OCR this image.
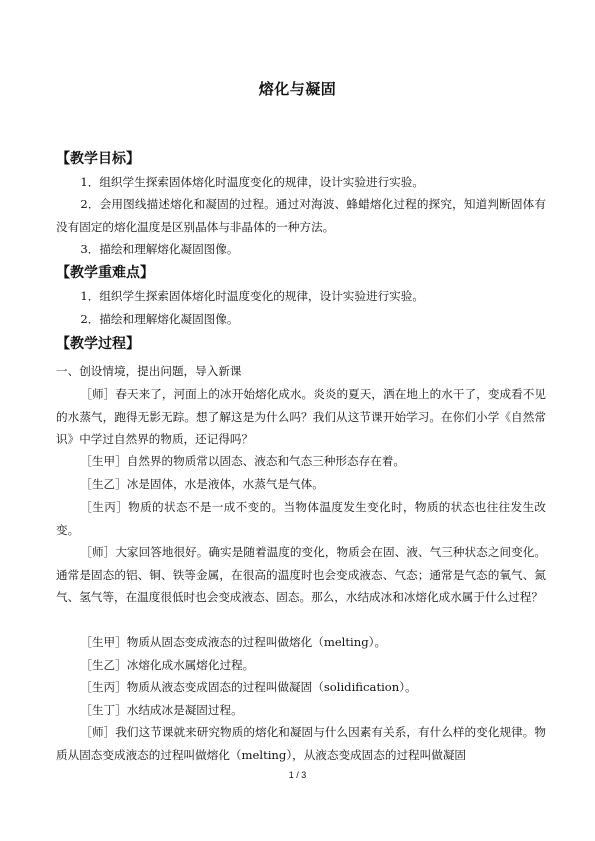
熔化与凝固
【教学目标】

1．组织学生探索固体熔化时温度变化的规律，设计实验进行实验。

2．会用图线描述熔化和凝固的过程。通过对海波、蜂蜡熔化过程的探究，知道判断固体有没有固定的熔化温度是区别晶体与非晶体的一种方法。

3．描绘和理解熔化凝固图像。

【教学重难点】

1．组织学生探索固体熔化时温度变化的规律，设计实验进行实验。

2．描绘和理解熔化凝固图像。

【教学过程】

一、创设情境，提出问题，导入新课

［师］春天来了，河面上的冰开始熔化成水。炎炎的夏天，洒在地上的水干了，变成看不见的水蒸气，跑得无影无踪。想了解这是为什么吗？我们从这节课开始学习。在你们小学《自然常识》中学过自然界的物质，还记得吗？

［生甲］自然界的物质常以固态、液态和气态三种形态存在着。

［生乙］冰是固体，水是液体，水蒸气是气体。

［生丙］物质的状态不是一成不变的。当物体温度发生变化时，物质的状态也往往发生改变。

［师］大家回答地很好。确实是随着温度的变化，物质会在固、液、气三种状态之间变化。通常是固态的铝、铜、铁等金属，在很高的温度时也会变成液态、气态；通常是气态的氧气、氮气、氢气等，在温度很低时也会变成液态、固态。那么，水结成冰和冰熔化成水属于什么过程？

［生甲］物质从固态变成液态的过程叫做熔化（melting）。

［生乙］冰熔化成水属熔化过程。

［生丙］物质从液态变成固态的过程叫做凝固（solidification）。

［生丁］水结成冰是凝固过程。

［师］我们这节课就来研究物质的熔化和凝固与什么因素有关系，有什么样的变化规律。物质从固态变成液态的过程叫做熔化（melting），从液态变成固态的过程叫做凝固

1 / 3
